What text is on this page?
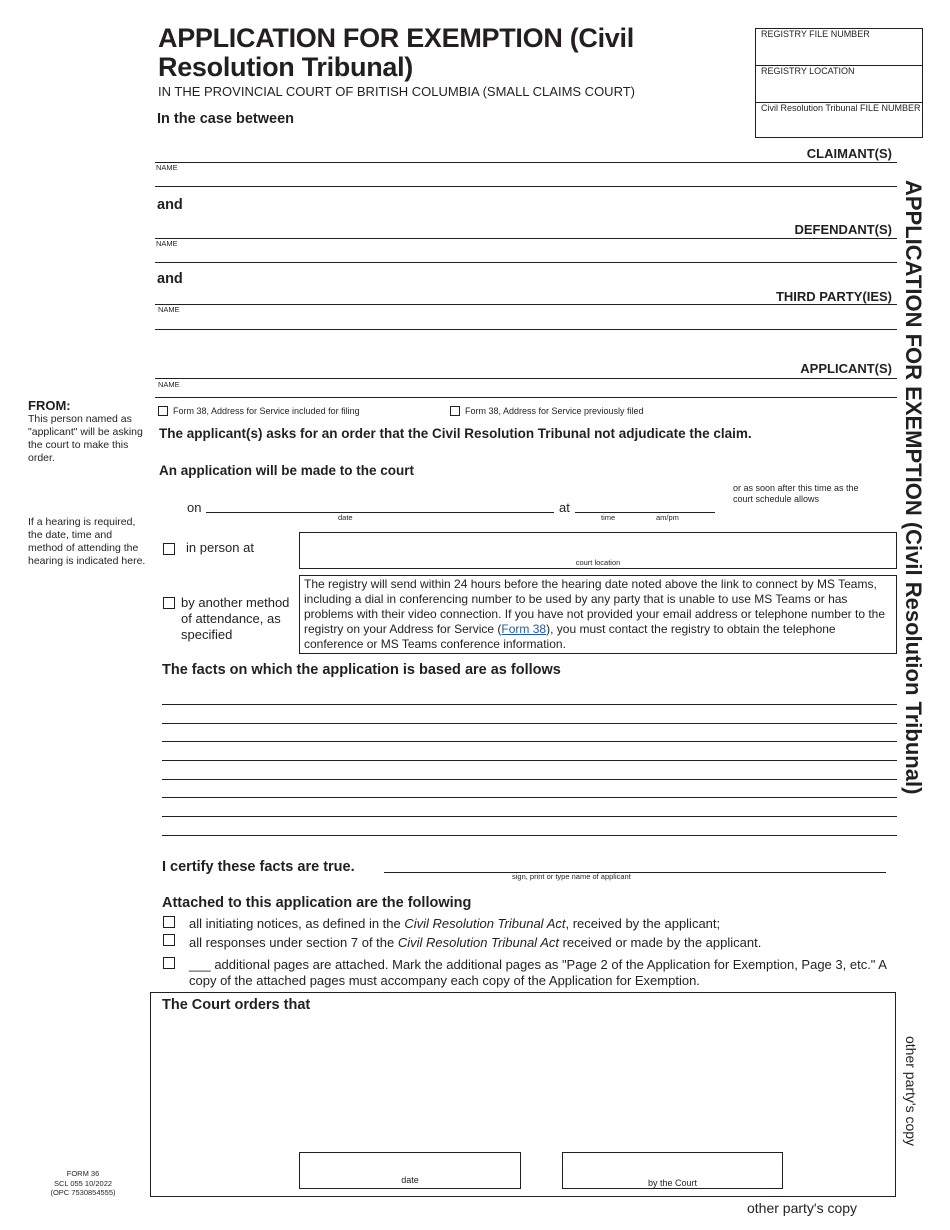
APPLICATION FOR EXEMPTION (Civil Resolution Tribunal)
IN THE PROVINCIAL COURT OF BRITISH COLUMBIA (SMALL CLAIMS COURT)
In the case between
REGISTRY FILE NUMBER
REGISTRY LOCATION
Civil Resolution Tribunal FILE NUMBER
CLAIMANT(S)
NAME
and
DEFENDANT(S)
NAME
and
THIRD PARTY(IES)
NAME
APPLICANT(S)
NAME
FROM:
This person named as "applicant" will be asking the court to make this order.
If a hearing is required, the date, time and method of attending the hearing is indicated here.
Form 38, Address for Service included for filing	Form 38, Address for Service previously filed
The applicant(s) asks for an order that the Civil Resolution Tribunal not adjudicate the claim.
An application will be made to the court
or as soon after this time as the court schedule allows
on
date
at
time	am/pm
in person at
court location
by another method of attendance, as specified
The registry will send within 24 hours before the hearing date noted above the link to connect by MS Teams, including a dial in conferencing number to be used by any party that is unable to use MS Teams or has problems with their video connection. If you have not provided your email address or telephone number to the registry on your Address for Service (Form 38), you must contact the registry to obtain the telephone conference or MS Teams conference information.
The facts on which the application is based are as follows
I certify these facts are true.
sign, print or type name of applicant
Attached to this application are the following
all initiating notices, as defined in the Civil Resolution Tribunal Act, received by the applicant;
all responses under section 7 of the Civil Resolution Tribunal Act received or made by the applicant.
___ additional pages are attached. Mark the additional pages as "Page 2 of the Application for Exemption, Page 3, etc." A copy of the attached pages must accompany each copy of the Application for Exemption.
The Court orders that
date	by the Court
FORM 36
SCL 055 10/2022
(OPC 7530854555)
other party's copy
APPLICATION FOR EXEMPTION (Civil Resolution Tribunal)
other party's copy
